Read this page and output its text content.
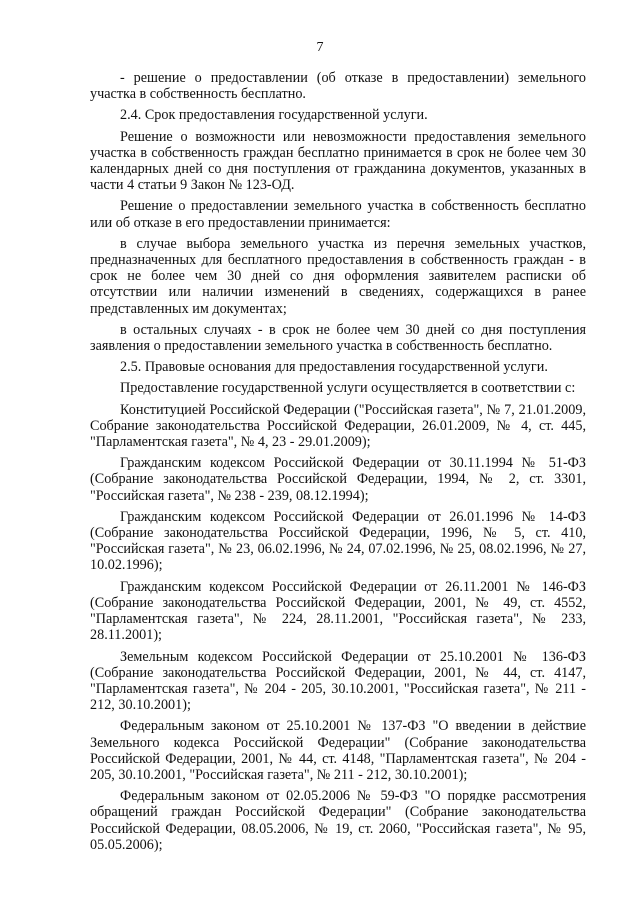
7

- решение о предоставлении (об отказе в предоставлении) земельного участка в собственность бесплатно.

2.4. Срок предоставления государственной услуги.

Решение о возможности или невозможности предоставления земельного участка в собственность граждан бесплатно принимается в срок не более чем 30 календарных дней со дня поступления от гражданина документов, указанных в части 4 статьи 9 Закон № 123-ОД.

Решение о предоставлении земельного участка в собственность бесплатно или об отказе в его предоставлении принимается:

в случае выбора земельного участка из перечня земельных участков, предназначенных для бесплатного предоставления в собственность граждан - в срок не более чем 30 дней со дня оформления заявителем расписки об отсутствии или наличии изменений в сведениях, содержащихся в ранее представленных им документах;

в остальных случаях - в срок не более чем 30 дней со дня поступления заявления о предоставлении земельного участка в собственность бесплатно.

2.5. Правовые основания для предоставления государственной услуги.

Предоставление государственной услуги осуществляется в соответствии с:

Конституцией Российской Федерации ("Российская газета", № 7, 21.01.2009, Собрание законодательства Российской Федерации, 26.01.2009, № 4, ст. 445, "Парламентская газета", № 4, 23 - 29.01.2009);

Гражданским кодексом Российской Федерации от 30.11.1994 № 51-ФЗ (Собрание законодательства Российской Федерации, 1994, № 2, ст. 3301, "Российская газета", № 238 - 239, 08.12.1994);

Гражданским кодексом Российской Федерации от 26.01.1996 № 14-ФЗ (Собрание законодательства Российской Федерации, 1996, № 5, ст. 410, "Российская газета", № 23, 06.02.1996, № 24, 07.02.1996, № 25, 08.02.1996, № 27, 10.02.1996);

Гражданским кодексом Российской Федерации от 26.11.2001 № 146-ФЗ (Собрание законодательства Российской Федерации, 2001, № 49, ст. 4552, "Парламентская газета", № 224, 28.11.2001, "Российская газета", № 233, 28.11.2001);

Земельным кодексом Российской Федерации от 25.10.2001 № 136-ФЗ (Собрание законодательства Российской Федерации, 2001, № 44, ст. 4147, "Парламентская газета", № 204 - 205, 30.10.2001, "Российская газета", № 211 - 212, 30.10.2001);

Федеральным законом от 25.10.2001 № 137-ФЗ "О введении в действие Земельного кодекса Российской Федерации" (Собрание законодательства Российской Федерации, 2001, № 44, ст. 4148, "Парламентская газета", № 204 - 205, 30.10.2001, "Российская газета", № 211 - 212, 30.10.2001);

Федеральным законом от 02.05.2006 № 59-ФЗ "О порядке рассмотрения обращений граждан Российской Федерации" (Собрание законодательства Российской Федерации, 08.05.2006, № 19, ст. 2060, "Российская газета", № 95, 05.05.2006);
